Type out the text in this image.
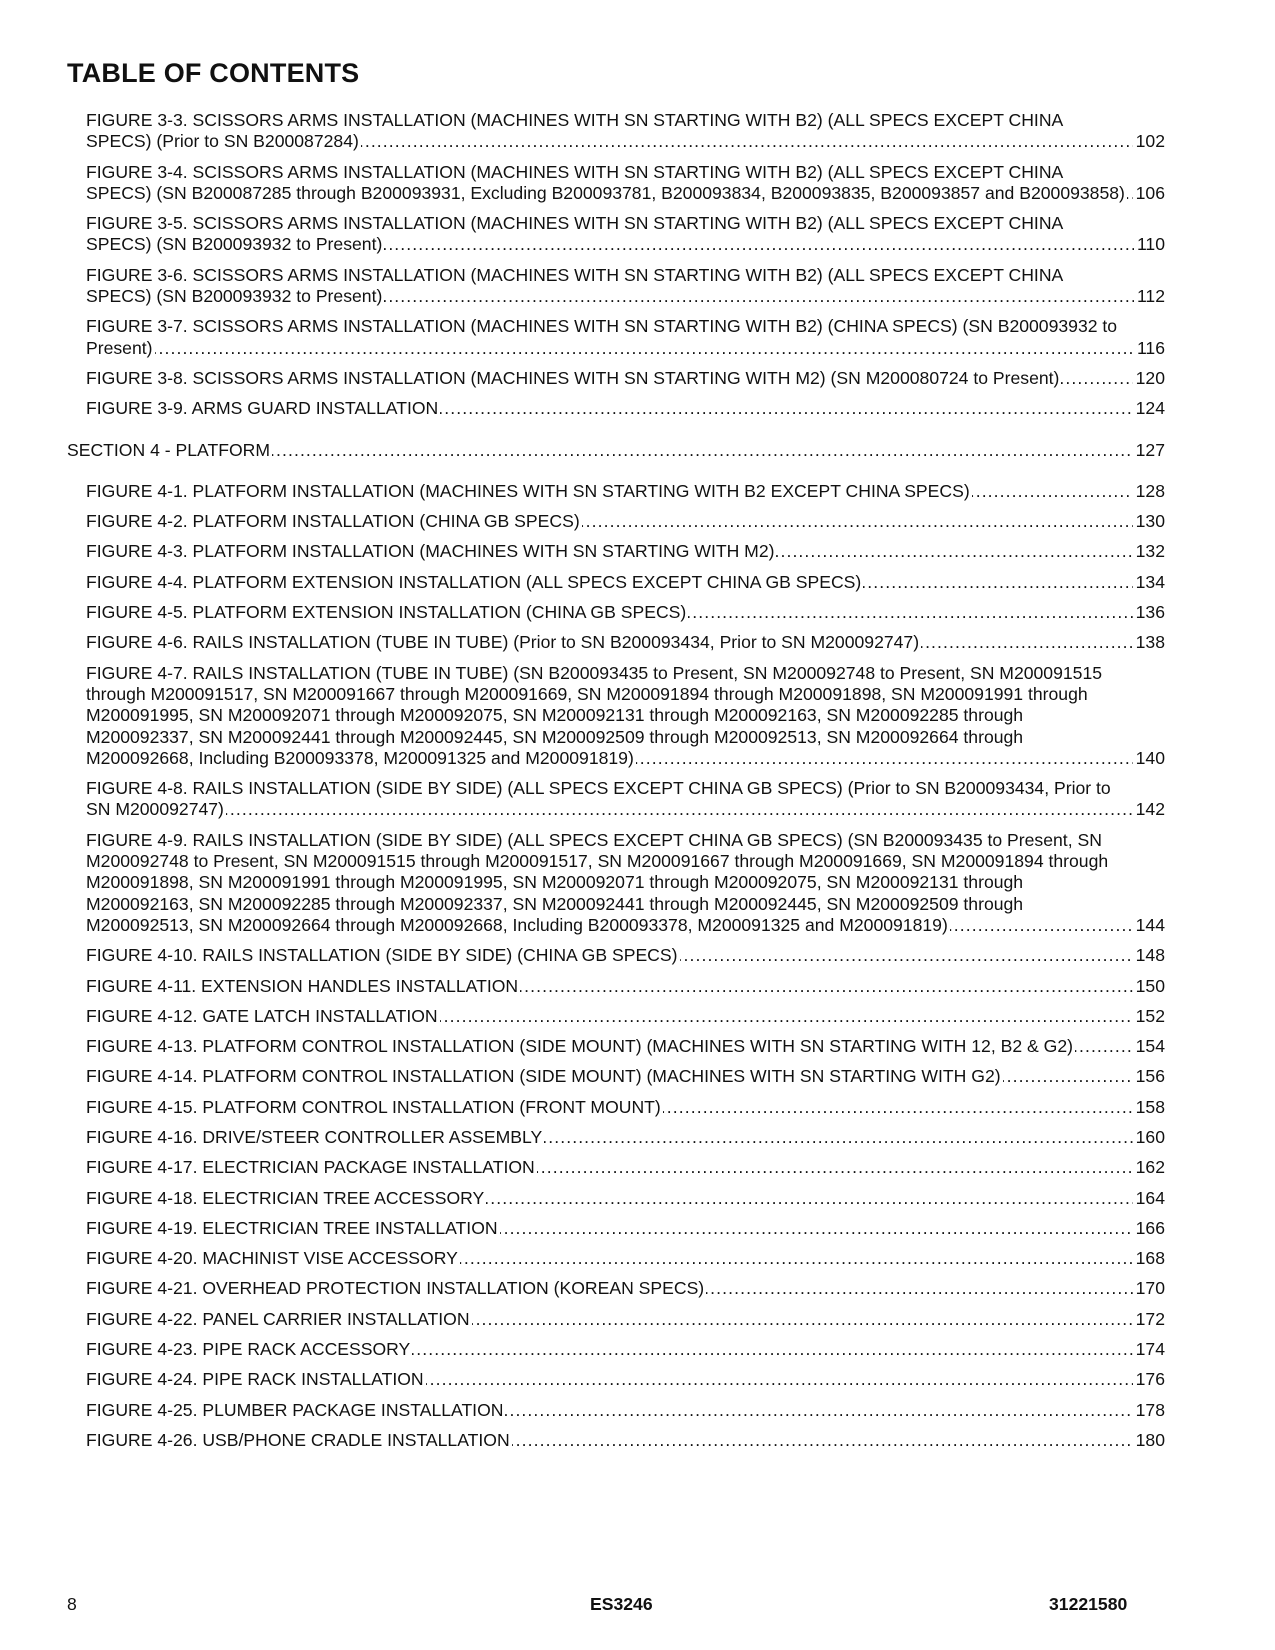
TABLE OF CONTENTS
FIGURE 3-3. SCISSORS ARMS INSTALLATION (MACHINES WITH SN STARTING WITH B2) (ALL SPECS EXCEPT CHINA SPECS) (Prior to SN B200087284) .....	102
FIGURE 3-4. SCISSORS ARMS INSTALLATION (MACHINES WITH SN STARTING WITH B2) (ALL SPECS EXCEPT CHINA SPECS) (SN B200087285 through B200093931, Excluding B200093781, B200093834, B200093835, B200093857 and B200093858) ..... 106
FIGURE 3-5. SCISSORS ARMS INSTALLATION (MACHINES WITH SN STARTING WITH B2) (ALL SPECS EXCEPT CHINA SPECS) (SN B200093932 to Present) .....	110
FIGURE 3-6. SCISSORS ARMS INSTALLATION (MACHINES WITH SN STARTING WITH B2) (ALL SPECS EXCEPT CHINA SPECS) (SN B200093932 to Present) .....	112
FIGURE 3-7. SCISSORS ARMS INSTALLATION (MACHINES WITH SN STARTING WITH B2) (CHINA SPECS) (SN B200093932 to Present) .....	116
FIGURE 3-8. SCISSORS ARMS INSTALLATION (MACHINES WITH SN STARTING WITH M2) (SN M200080724 to Present) .....	120
FIGURE 3-9. ARMS GUARD INSTALLATION .....	124
SECTION 4 - PLATFORM .....	127
FIGURE 4-1. PLATFORM INSTALLATION (MACHINES WITH SN STARTING WITH B2 EXCEPT CHINA SPECS) .....	128
FIGURE 4-2. PLATFORM INSTALLATION (CHINA GB SPECS) .....	130
FIGURE 4-3. PLATFORM INSTALLATION (MACHINES WITH SN STARTING WITH M2) .....	132
FIGURE 4-4. PLATFORM EXTENSION INSTALLATION (ALL SPECS EXCEPT CHINA GB SPECS) .....	134
FIGURE 4-5. PLATFORM EXTENSION INSTALLATION (CHINA GB SPECS) .....	136
FIGURE 4-6. RAILS INSTALLATION (TUBE IN TUBE) (Prior to SN B200093434, Prior to SN M200092747) .....	138
FIGURE 4-7. RAILS INSTALLATION (TUBE IN TUBE) (SN B200093435 to Present, SN M200092748 to Present, SN M200091515 through M200091517, SN M200091667 through M200091669, SN M200091894 through M200091898, SN M200091991 through M200091995, SN M200092071 through M200092075, SN M200092131 through M200092163, SN M200092285 through M200092337, SN M200092441 through M200092445, SN M200092509 through M200092513, SN M200092664 through M200092668, Including B200093378, M200091325 and M200091819) .....	140
FIGURE 4-8. RAILS INSTALLATION (SIDE BY SIDE) (ALL SPECS EXCEPT CHINA GB SPECS) (Prior to SN B200093434, Prior to SN M200092747) .....	142
FIGURE 4-9. RAILS INSTALLATION (SIDE BY SIDE) (ALL SPECS EXCEPT CHINA GB SPECS) (SN B200093435 to Present, SN M200092748 to Present, SN M200091515 through M200091517, SN M200091667 through M200091669, SN M200091894 through M200091898, SN M200091991 through M200091995, SN M200092071 through M200092075, SN M200092131 through M200092163, SN M200092285 through M200092337, SN M200092441 through M200092445, SN M200092509 through M200092513, SN M200092664 through M200092668, Including B200093378, M200091325 and M200091819) .....	144
FIGURE 4-10. RAILS INSTALLATION (SIDE BY SIDE) (CHINA GB SPECS) .....	148
FIGURE 4-11. EXTENSION HANDLES INSTALLATION .....	150
FIGURE 4-12. GATE LATCH INSTALLATION .....	152
FIGURE 4-13. PLATFORM CONTROL INSTALLATION (SIDE MOUNT) (MACHINES WITH SN STARTING WITH 12, B2 & G2) .....	154
FIGURE 4-14. PLATFORM CONTROL INSTALLATION (SIDE MOUNT) (MACHINES WITH SN STARTING WITH G2) .....	156
FIGURE 4-15. PLATFORM CONTROL INSTALLATION (FRONT MOUNT) .....	158
FIGURE 4-16. DRIVE/STEER CONTROLLER ASSEMBLY .....	160
FIGURE 4-17. ELECTRICIAN PACKAGE INSTALLATION .....	162
FIGURE 4-18. ELECTRICIAN TREE ACCESSORY .....	164
FIGURE 4-19. ELECTRICIAN TREE INSTALLATION .....	166
FIGURE 4-20. MACHINIST VISE ACCESSORY .....	168
FIGURE 4-21. OVERHEAD PROTECTION INSTALLATION (KOREAN SPECS) .....	170
FIGURE 4-22. PANEL CARRIER INSTALLATION .....	172
FIGURE 4-23. PIPE RACK ACCESSORY .....	174
FIGURE 4-24. PIPE RACK INSTALLATION .....	176
FIGURE 4-25. PLUMBER PACKAGE INSTALLATION .....	178
FIGURE 4-26. USB/PHONE CRADLE INSTALLATION .....	180
8	ES3246	31221580
